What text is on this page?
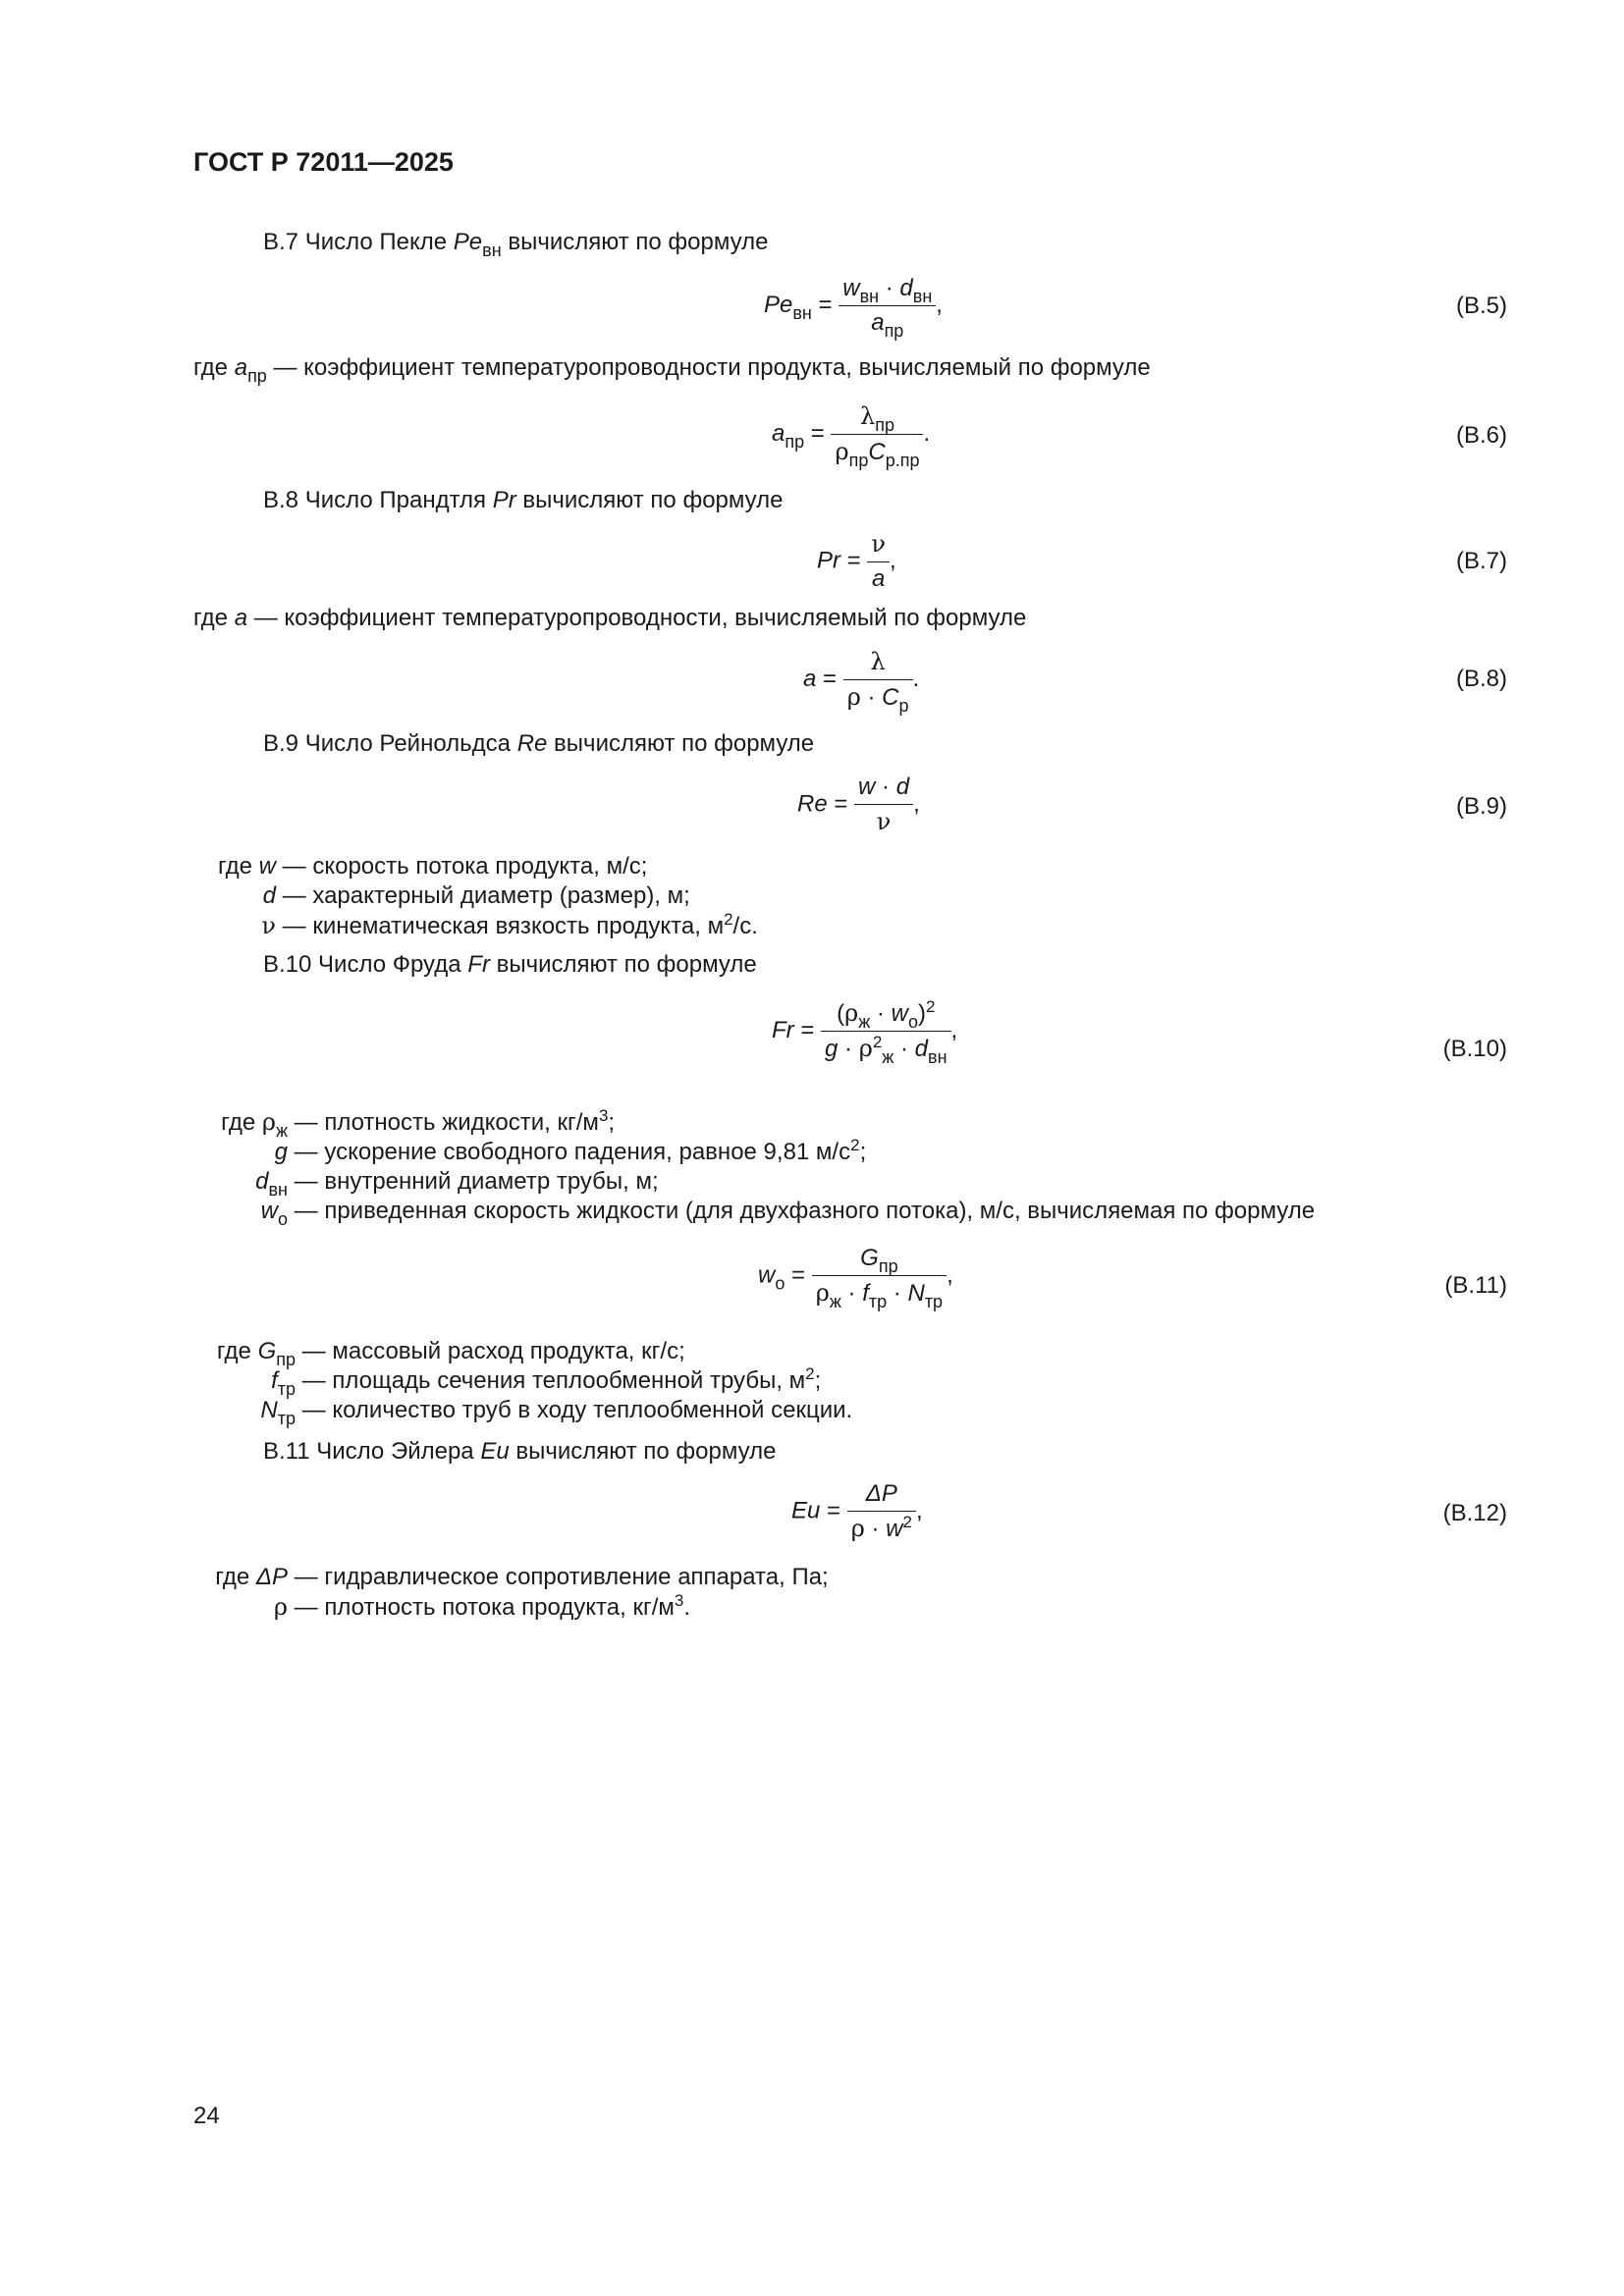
ГОСТ Р 72011—2025
В.7 Число Пекле $Pe_{вн}$ вычисляют по формуле
$Pe_{вн} = \frac{w_{вн} \cdot d_{вн}}{a_{пр}}$ ,	(В.5)
где $a_{пр}$ — коэффициент температуропроводности продукта, вычисляемый по формуле
$a_{пр} = \frac{\lambda_{пр}}{\rho_{пр}C_{р.пр}}$ .	(В.6)
В.8 Число Прандтля Pr вычисляют по формуле
$Pr = \frac{\nu}{a}$ ,	(В.7)
где a — коэффициент температуропроводности, вычисляемый по формуле
$a = \frac{\lambda}{\rho \cdot C_р}$ .	(В.8)
В.9 Число Рейнольдса Re вычисляют по формуле
$Re = \frac{w \cdot d}{\nu}$ ,	(В.9)
где w — скорость потока продукта, м/с;
d — характерный диаметр (размер), м;
ν — кинематическая вязкость продукта, $м^2/с$.
В.10 Число Фруда Fr вычисляют по формуле
$Fr = \frac{(\rho_ж \cdot w_о)^2}{g \cdot \rho^2_ж \cdot d_{вн}}$ ,
(В.10)
где $\rho_ж$ — плотность жидкости, $кг/м^3$;
g — ускорение свободного падения, равное 9,81 $м/с^2$;
$d_{вн}$ — внутренний диаметр трубы, м;
$w_о$ — приведенная скорость жидкости (для двухфазного потока), м/с, вычисляемая по формуле
$w_о = \frac{G_{пр}}{\rho_ж \cdot f_{тр} \cdot N_{тр}}$ ,	(В.11)
где $G_{пр}$ — массовый расход продукта, кг/с;
$f_{тр}$ — площадь сечения теплообменной трубы, $м^2$;
$N_{тр}$ — количество труб в ходу теплообменной секции.
В.11 Число Эйлера Eu вычисляют по формуле
$Eu = \frac{\Delta P}{\rho \cdot w^2}$ ,	(В.12)
где ΔP — гидравлическое сопротивление аппарата, Па;
ρ — плотность потока продукта, $кг/м^3$.
24
